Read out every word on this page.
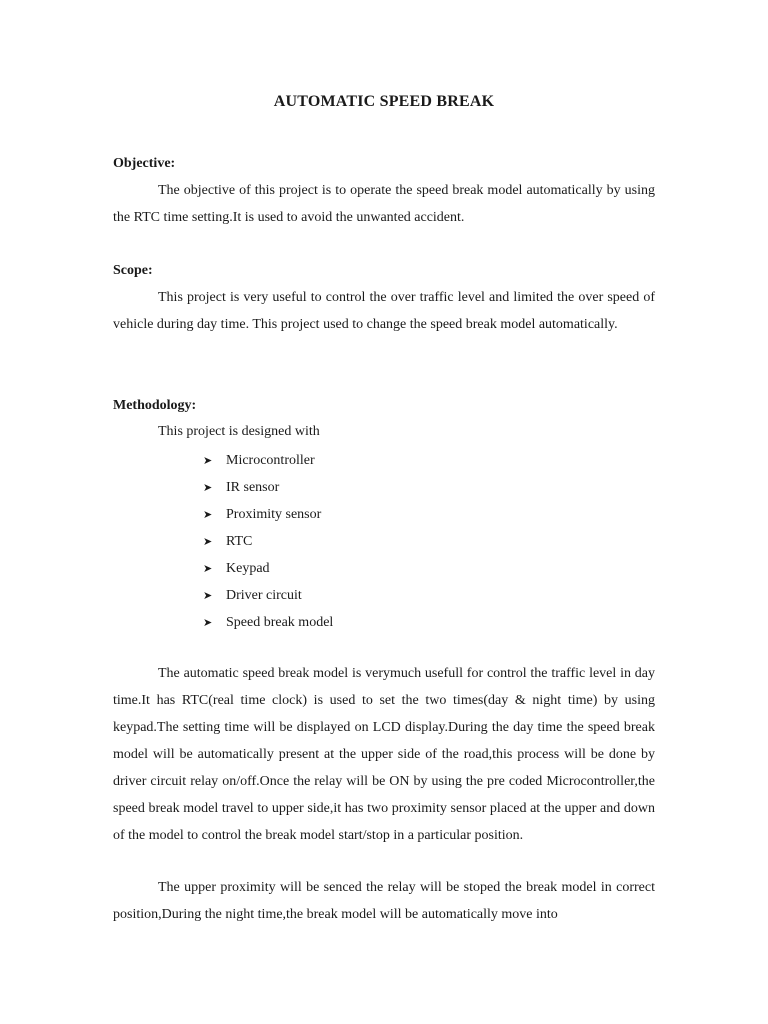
AUTOMATIC SPEED BREAK
Objective:
The objective of this project is to operate the speed break model automatically by using the RTC time setting.It is used to avoid the unwanted accident.
Scope:
This project is very useful to control the over traffic level and limited the over speed of vehicle during day time. This project used to change the speed break model automatically.
Methodology:
This project is designed with
➤ Microcontroller
➤ IR sensor
➤ Proximity sensor
➤ RTC
➤ Keypad
➤ Driver circuit
➤ Speed break model
The automatic speed break model is verymuch usefull for control the traffic level in day time.It has RTC(real time clock) is used to set the two times(day & night time) by using keypad.The setting time will be displayed on LCD display.During the day time the speed break model will be automatically present at the upper side of the road,this process will be done by driver circuit relay on/off.Once the relay will be ON by using the pre coded Microcontroller,the speed break model travel to upper side,it has two proximity sensor placed at the upper and down of the model to control the break model start/stop in a particular position.
The upper proximity will be senced the relay will be stoped the break model in correct position,During the night time,the break model will be automatically move into
